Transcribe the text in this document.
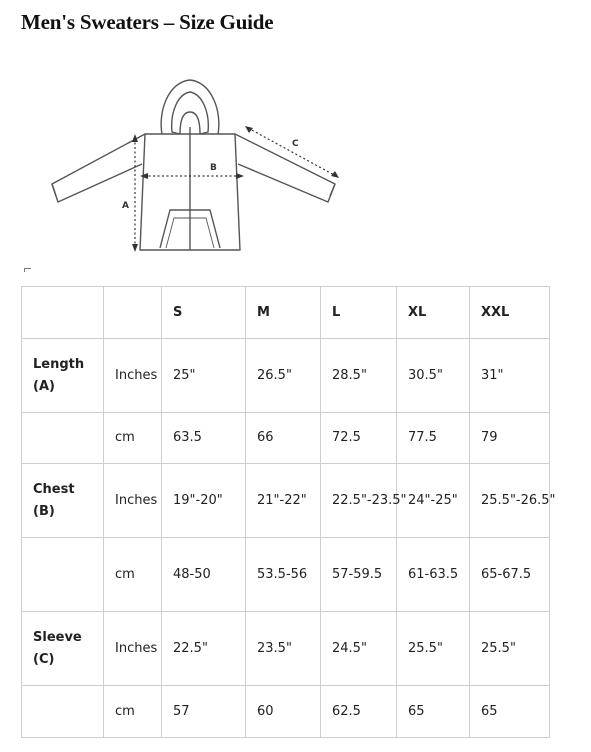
Men's Sweaters – Size Guide
A
B
C
		S	M	L	XL	XXL
Length
(A)	Inches	25"	26.5"	28.5"	30.5"	31"
	cm	63.5	66	72.5	77.5	79
Chest
(B)	Inches	19"-20"	21"-22"	22.5"-23.5"	24"-25"	25.5"-26.5"
	cm	48-50	53.5-56	57-59.5	61-63.5	65-67.5
Sleeve
(C)	Inches	22.5"	23.5"	24.5"	25.5"	25.5"
	cm	57	60	62.5	65	65
